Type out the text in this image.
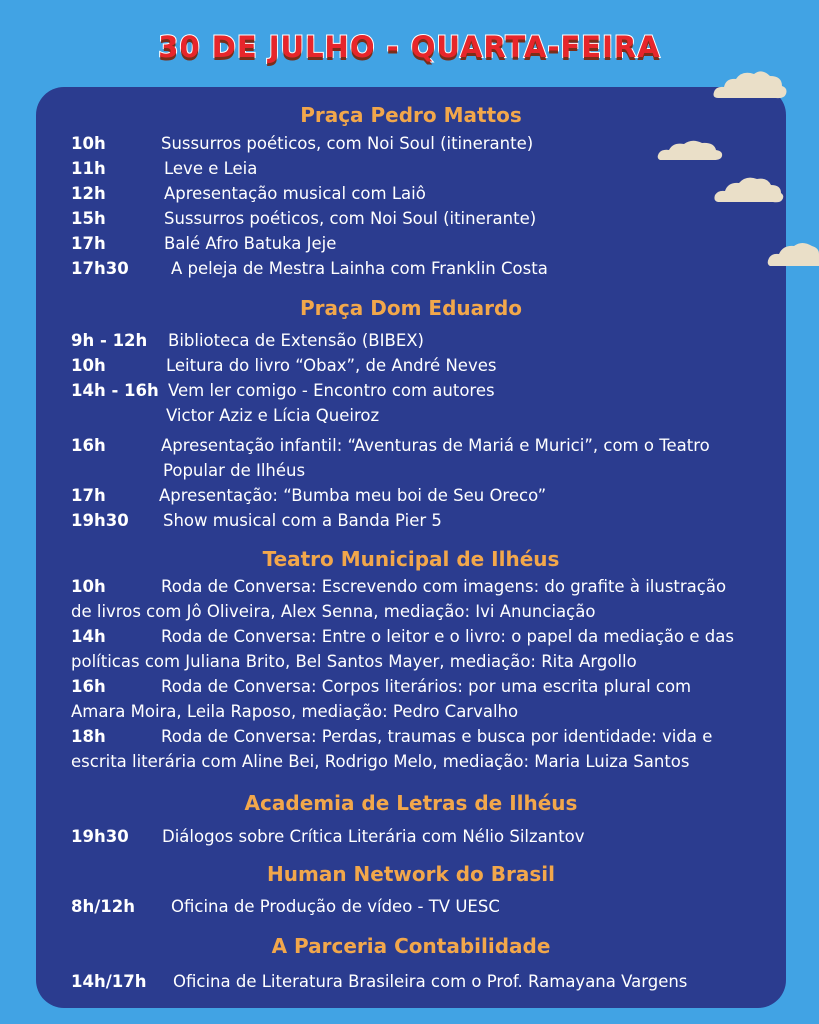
30 DE JULHO - QUARTA-FEIRA
Praça Pedro Mattos
10h	Sussurros poéticos, com Noi Soul (itinerante)
11h	Leve e Leia
12h	Apresentação musical com Laiô
15h	Sussurros poéticos, com Noi Soul (itinerante)
17h	Balé Afro Batuka Jeje
17h30	A peleja de Mestra Lainha com Franklin Costa
Praça Dom Eduardo
9h - 12h Biblioteca de Extensão (BIBEX)
10h	Leitura do livro “Obax”, de André Neves
14h - 16h Vem ler comigo - Encontro com autores
Victor Aziz e Lícia Queiroz
16h	Apresentação infantil: “Aventuras de Mariá e Murici”, com o Teatro
Popular de Ilhéus
17h	Apresentação: “Bumba meu boi de Seu Oreco”
19h30 Show musical com a Banda Pier 5
Teatro Municipal de Ilhéus
10h	Roda de Conversa: Escrevendo com imagens: do grafite à ilustração
de livros com Jô Oliveira, Alex Senna, mediação: Ivi Anunciação
14h	Roda de Conversa: Entre o leitor e o livro: o papel da mediação e das
políticas com Juliana Brito, Bel Santos Mayer, mediação: Rita Argollo
16h	Roda de Conversa: Corpos literários: por uma escrita plural com
Amara Moira, Leila Raposo, mediação: Pedro Carvalho
18h	Roda de Conversa: Perdas, traumas e busca por identidade: vida e
escrita literária com Aline Bei, Rodrigo Melo, mediação: Maria Luiza Santos
Academia de Letras de Ilhéus
19h30 Diálogos sobre Crítica Literária com Nélio Silzantov
Human Network do Brasil
8h/12h Oficina de Produção de vídeo - TV UESC
A Parceria Contabilidade
14h/17h Oficina de Literatura Brasileira com o Prof. Ramayana Vargens
